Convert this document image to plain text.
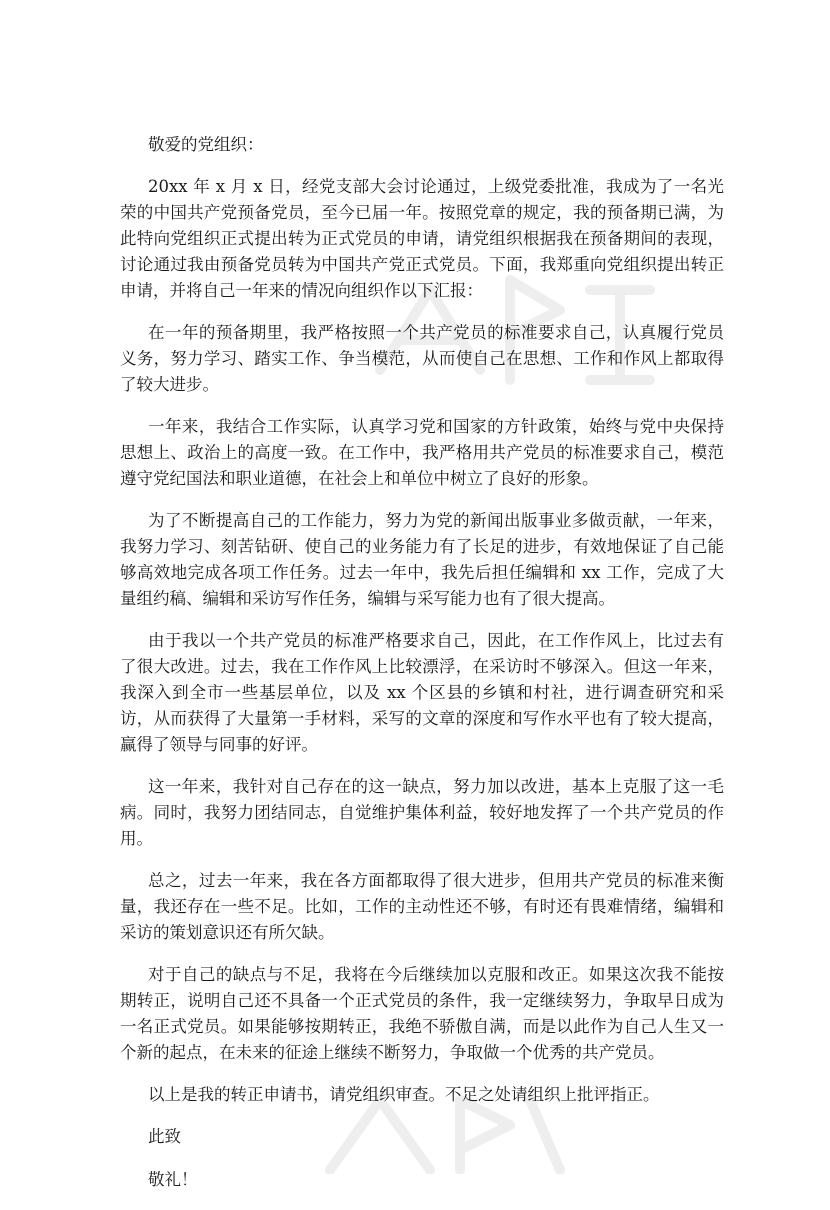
敬爱的党组织：

20xx 年 x 月 x 日，经党支部大会讨论通过，上级党委批准，我成为了一名光荣的中国共产党预备党员，至今已届一年。按照党章的规定，我的预备期已满，为此特向党组织正式提出转为正式党员的申请，请党组织根据我在预备期间的表现，讨论通过我由预备党员转为中国共产党正式党员。下面，我郑重向党组织提出转正申请，并将自己一年来的情况向组织作以下汇报：

在一年的预备期里，我严格按照一个共产党员的标准要求自己，认真履行党员义务，努力学习、踏实工作、争当模范，从而使自己在思想、工作和作风上都取得了较大进步。

一年来，我结合工作实际，认真学习党和国家的方针政策，始终与党中央保持思想上、政治上的高度一致。在工作中，我严格用共产党员的标准要求自己，模范遵守党纪国法和职业道德，在社会上和单位中树立了良好的形象。

为了不断提高自己的工作能力，努力为党的新闻出版事业多做贡献，一年来，我努力学习、刻苦钻研、使自己的业务能力有了长足的进步，有效地保证了自己能够高效地完成各项工作任务。过去一年中，我先后担任编辑和 xx 工作，完成了大量组约稿、编辑和采访写作任务，编辑与采写能力也有了很大提高。

由于我以一个共产党员的标准严格要求自己，因此，在工作作风上，比过去有了很大改进。过去，我在工作作风上比较漂浮，在采访时不够深入。但这一年来，我深入到全市一些基层单位，以及 xx 个区县的乡镇和村社，进行调查研究和采访，从而获得了大量第一手材料，采写的文章的深度和写作水平也有了较大提高，赢得了领导与同事的好评。

这一年来，我针对自己存在的这一缺点，努力加以改进，基本上克服了这一毛病。同时，我努力团结同志，自觉维护集体利益，较好地发挥了一个共产党员的作用。

总之，过去一年来，我在各方面都取得了很大进步，但用共产党员的标准来衡量，我还存在一些不足。比如，工作的主动性还不够，有时还有畏难情绪，编辑和采访的策划意识还有所欠缺。

对于自己的缺点与不足，我将在今后继续加以克服和改正。如果这次我不能按期转正，说明自己还不具备一个正式党员的条件，我一定继续努力，争取早日成为一名正式党员。如果能够按期转正，我绝不骄傲自满，而是以此作为自己人生又一个新的起点，在未来的征途上继续不断努力，争取做一个优秀的共产党员。

以上是我的转正申请书，请党组织审查。不足之处请组织上批评指正。

此致

敬礼！
